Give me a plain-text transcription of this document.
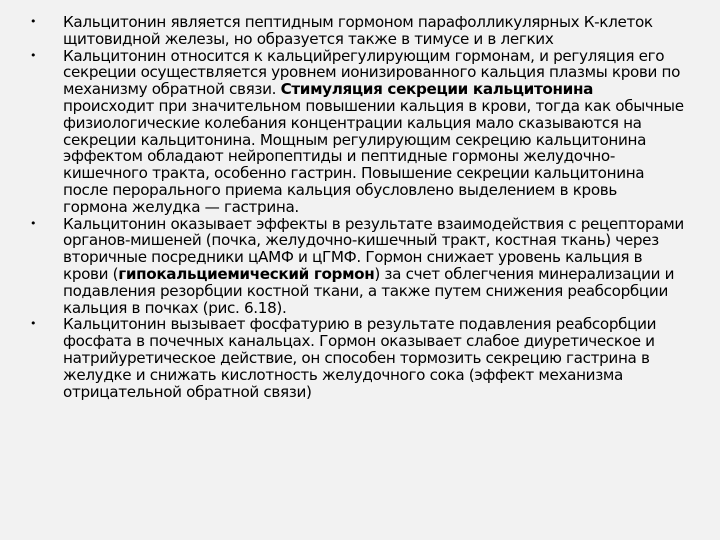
• Кальцитонин является пептидным гормоном парафолликулярных К-клеток щитовидной железы, но образуется также в тимусе и в легких
• Кальцитонин относится к кальцийрегулирующим гормонам, и регуляция его секреции осуществляется уровнем ионизированного кальция плазмы крови по механизму обратной связи. Стимуляция секреции кальцитонина происходит при значительном повышении кальция в крови, тогда как обычные физиологические колебания концентрации кальция мало сказываются на секреции кальцитонина. Мощным регулирующим секрецию кальцитонина эффектом обладают нейропептиды и пептидные гормоны желудочно-кишечного тракта, особенно гастрин. Повышение секреции кальцитонина после перорального приема кальция обусловлено выделением в кровь гормона желудка — гастрина.
• Кальцитонин оказывает эффекты в результате взаимодействия с рецепторами органов-мишеней (почка, желудочно-кишечный тракт, костная ткань) через вторичные посредники цАМФ и цГМФ. Гормон снижает уровень кальция в крови (гипокальциемический гормон) за счет облегчения минерализации и подавления резорбции костной ткани, а также путем снижения реабсорбции кальция в почках (рис. 6.18).
• Кальцитонин вызывает фосфатурию в результате подавления реабсорбции фосфата в почечных канальцах. Гормон оказывает слабое диуретическое и натрийуретическое действие, он способен тормозить секрецию гастрина в желудке и снижать кислотность желудочного сока (эффект механизма отрицательной обратной связи)
